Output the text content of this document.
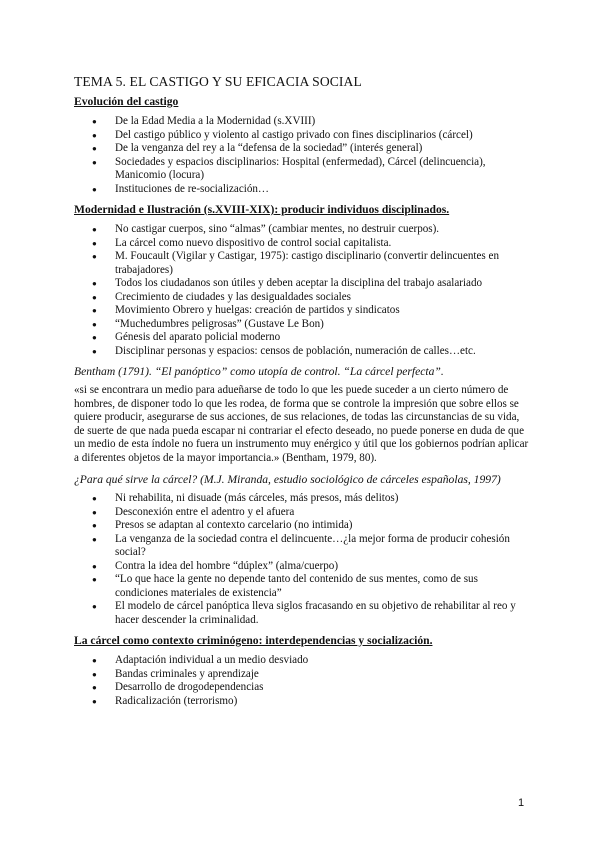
TEMA 5. EL CASTIGO Y SU EFICACIA SOCIAL
Evolución del castigo
● De la Edad Media a la Modernidad (s.XVIII)
● Del castigo público y violento al castigo privado con fines disciplinarios (cárcel)
● De la venganza del rey a la “defensa de la sociedad” (interés general)
● Sociedades y espacios disciplinarios: Hospital (enfermedad), Cárcel (delincuencia), Manicomio (locura)
● Instituciones de re-socialización…
Modernidad e Ilustración (s.XVIII-XIX): producir individuos disciplinados.
● No castigar cuerpos, sino “almas” (cambiar mentes, no destruir cuerpos).
● La cárcel como nuevo dispositivo de control social capitalista.
● M. Foucault (Vigilar y Castigar, 1975): castigo disciplinario (convertir delincuentes en trabajadores)
● Todos los ciudadanos son útiles y deben aceptar la disciplina del trabajo asalariado
● Crecimiento de ciudades y las desigualdades sociales
● Movimiento Obrero y huelgas: creación de partidos y sindicatos
● “Muchedumbres peligrosas” (Gustave Le Bon)
● Génesis del aparato policial moderno
● Disciplinar personas y espacios: censos de población, numeración de calles…etc.
Bentham (1791). “El panóptico” como utopía de control. “La cárcel perfecta”.

«si se encontrara un medio para adueñarse de todo lo que les puede suceder a un cierto número de hombres, de disponer todo lo que les rodea, de forma que se controle la impresión que sobre ellos se quiere producir, asegurarse de sus acciones, de sus relaciones, de todas las circunstancias de su vida, de suerte de que nada pueda escapar ni contrariar el efecto deseado, no puede ponerse en duda de que un medio de esta índole no fuera un instrumento muy enérgico y útil que los gobiernos podrían aplicar a diferentes objetos de la mayor importancia.» (Bentham, 1979, 80).

¿Para qué sirve la cárcel? (M.J. Miranda, estudio sociológico de cárceles españolas, 1997)
● Ni rehabilita, ni disuade (más cárceles, más presos, más delitos)
● Desconexión entre el adentro y el afuera
● Presos se adaptan al contexto carcelario (no intimida)
● La venganza de la sociedad contra el delincuente…¿la mejor forma de producir cohesión social?
● Contra la idea del hombre “dúplex” (alma/cuerpo)
● “Lo que hace la gente no depende tanto del contenido de sus mentes, como de sus condiciones materiales de existencia”
● El modelo de cárcel panóptica lleva siglos fracasando en su objetivo de rehabilitar al reo y hacer descender la criminalidad.
La cárcel como contexto criminógeno: interdependencias y socialización.
● Adaptación individual a un medio desviado
● Bandas criminales y aprendizaje
● Desarrollo de drogodependencias
● Radicalización (terrorismo)
1
